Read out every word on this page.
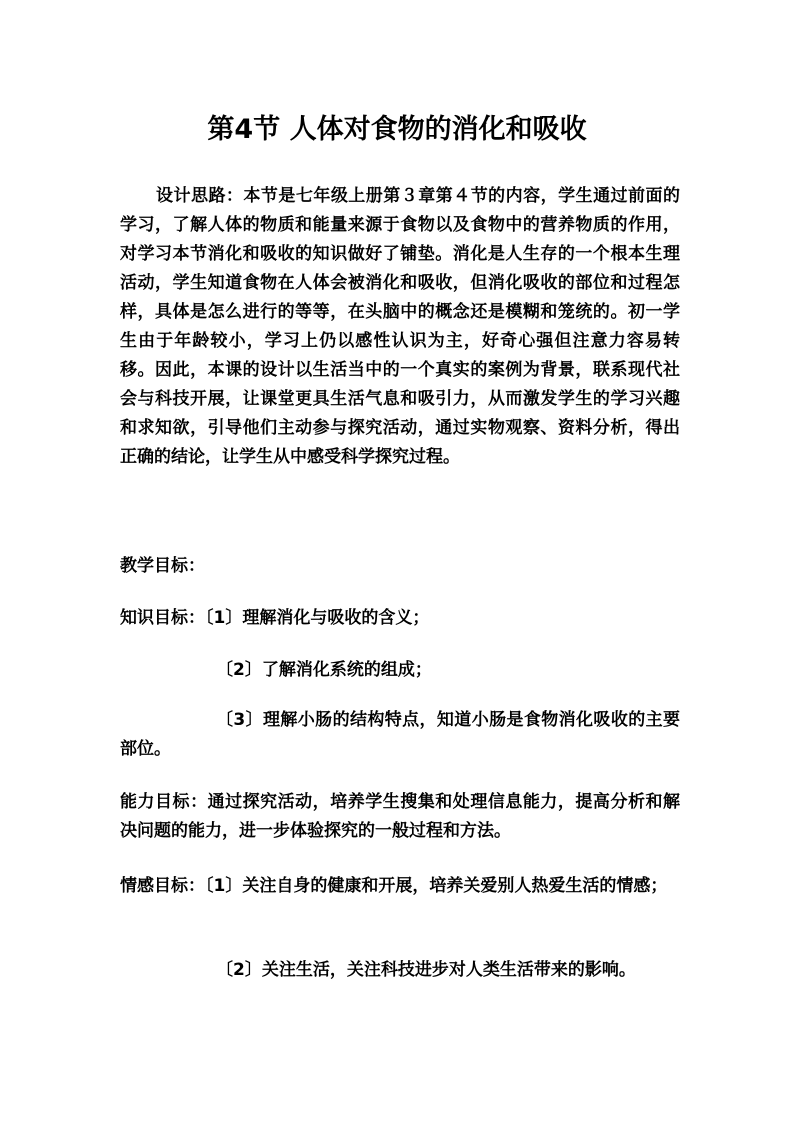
第4节 人体对食物的消化和吸收

设计思路：本节是七年级上册第３章第４节的内容，学生通过前面的学习，了解人体的物质和能量来源于食物以及食物中的营养物质的作用，对学习本节消化和吸收的知识做好了铺垫。消化是人生存的一个根本生理活动，学生知道食物在人体会被消化和吸收，但消化吸收的部位和过程怎样，具体是怎么进行的等等，在头脑中的概念还是模糊和笼统的。初一学生由于年龄较小，学习上仍以感性认识为主，好奇心强但注意力容易转移。因此，本课的设计以生活当中的一个真实的案例为背景，联系现代社会与科技开展，让课堂更具生活气息和吸引力，从而激发学生的学习兴趣和求知欲，引导他们主动参与探究活动，通过实物观察、资料分析，得出正确的结论，让学生从中感受科学探究过程。

教学目标：

知识目标：〔1〕理解消化与吸收的含义；

〔2〕了解消化系统的组成；

〔3〕理解小肠的结构特点，知道小肠是食物消化吸收的主要部位。

能力目标：通过探究活动，培养学生搜集和处理信息能力，提高分析和解决问题的能力，进一步体验探究的一般过程和方法。

情感目标：〔1〕关注自身的健康和开展，培养关爱别人热爱生活的情感；

〔2〕关注生活，关注科技进步对人类生活带来的影响。
